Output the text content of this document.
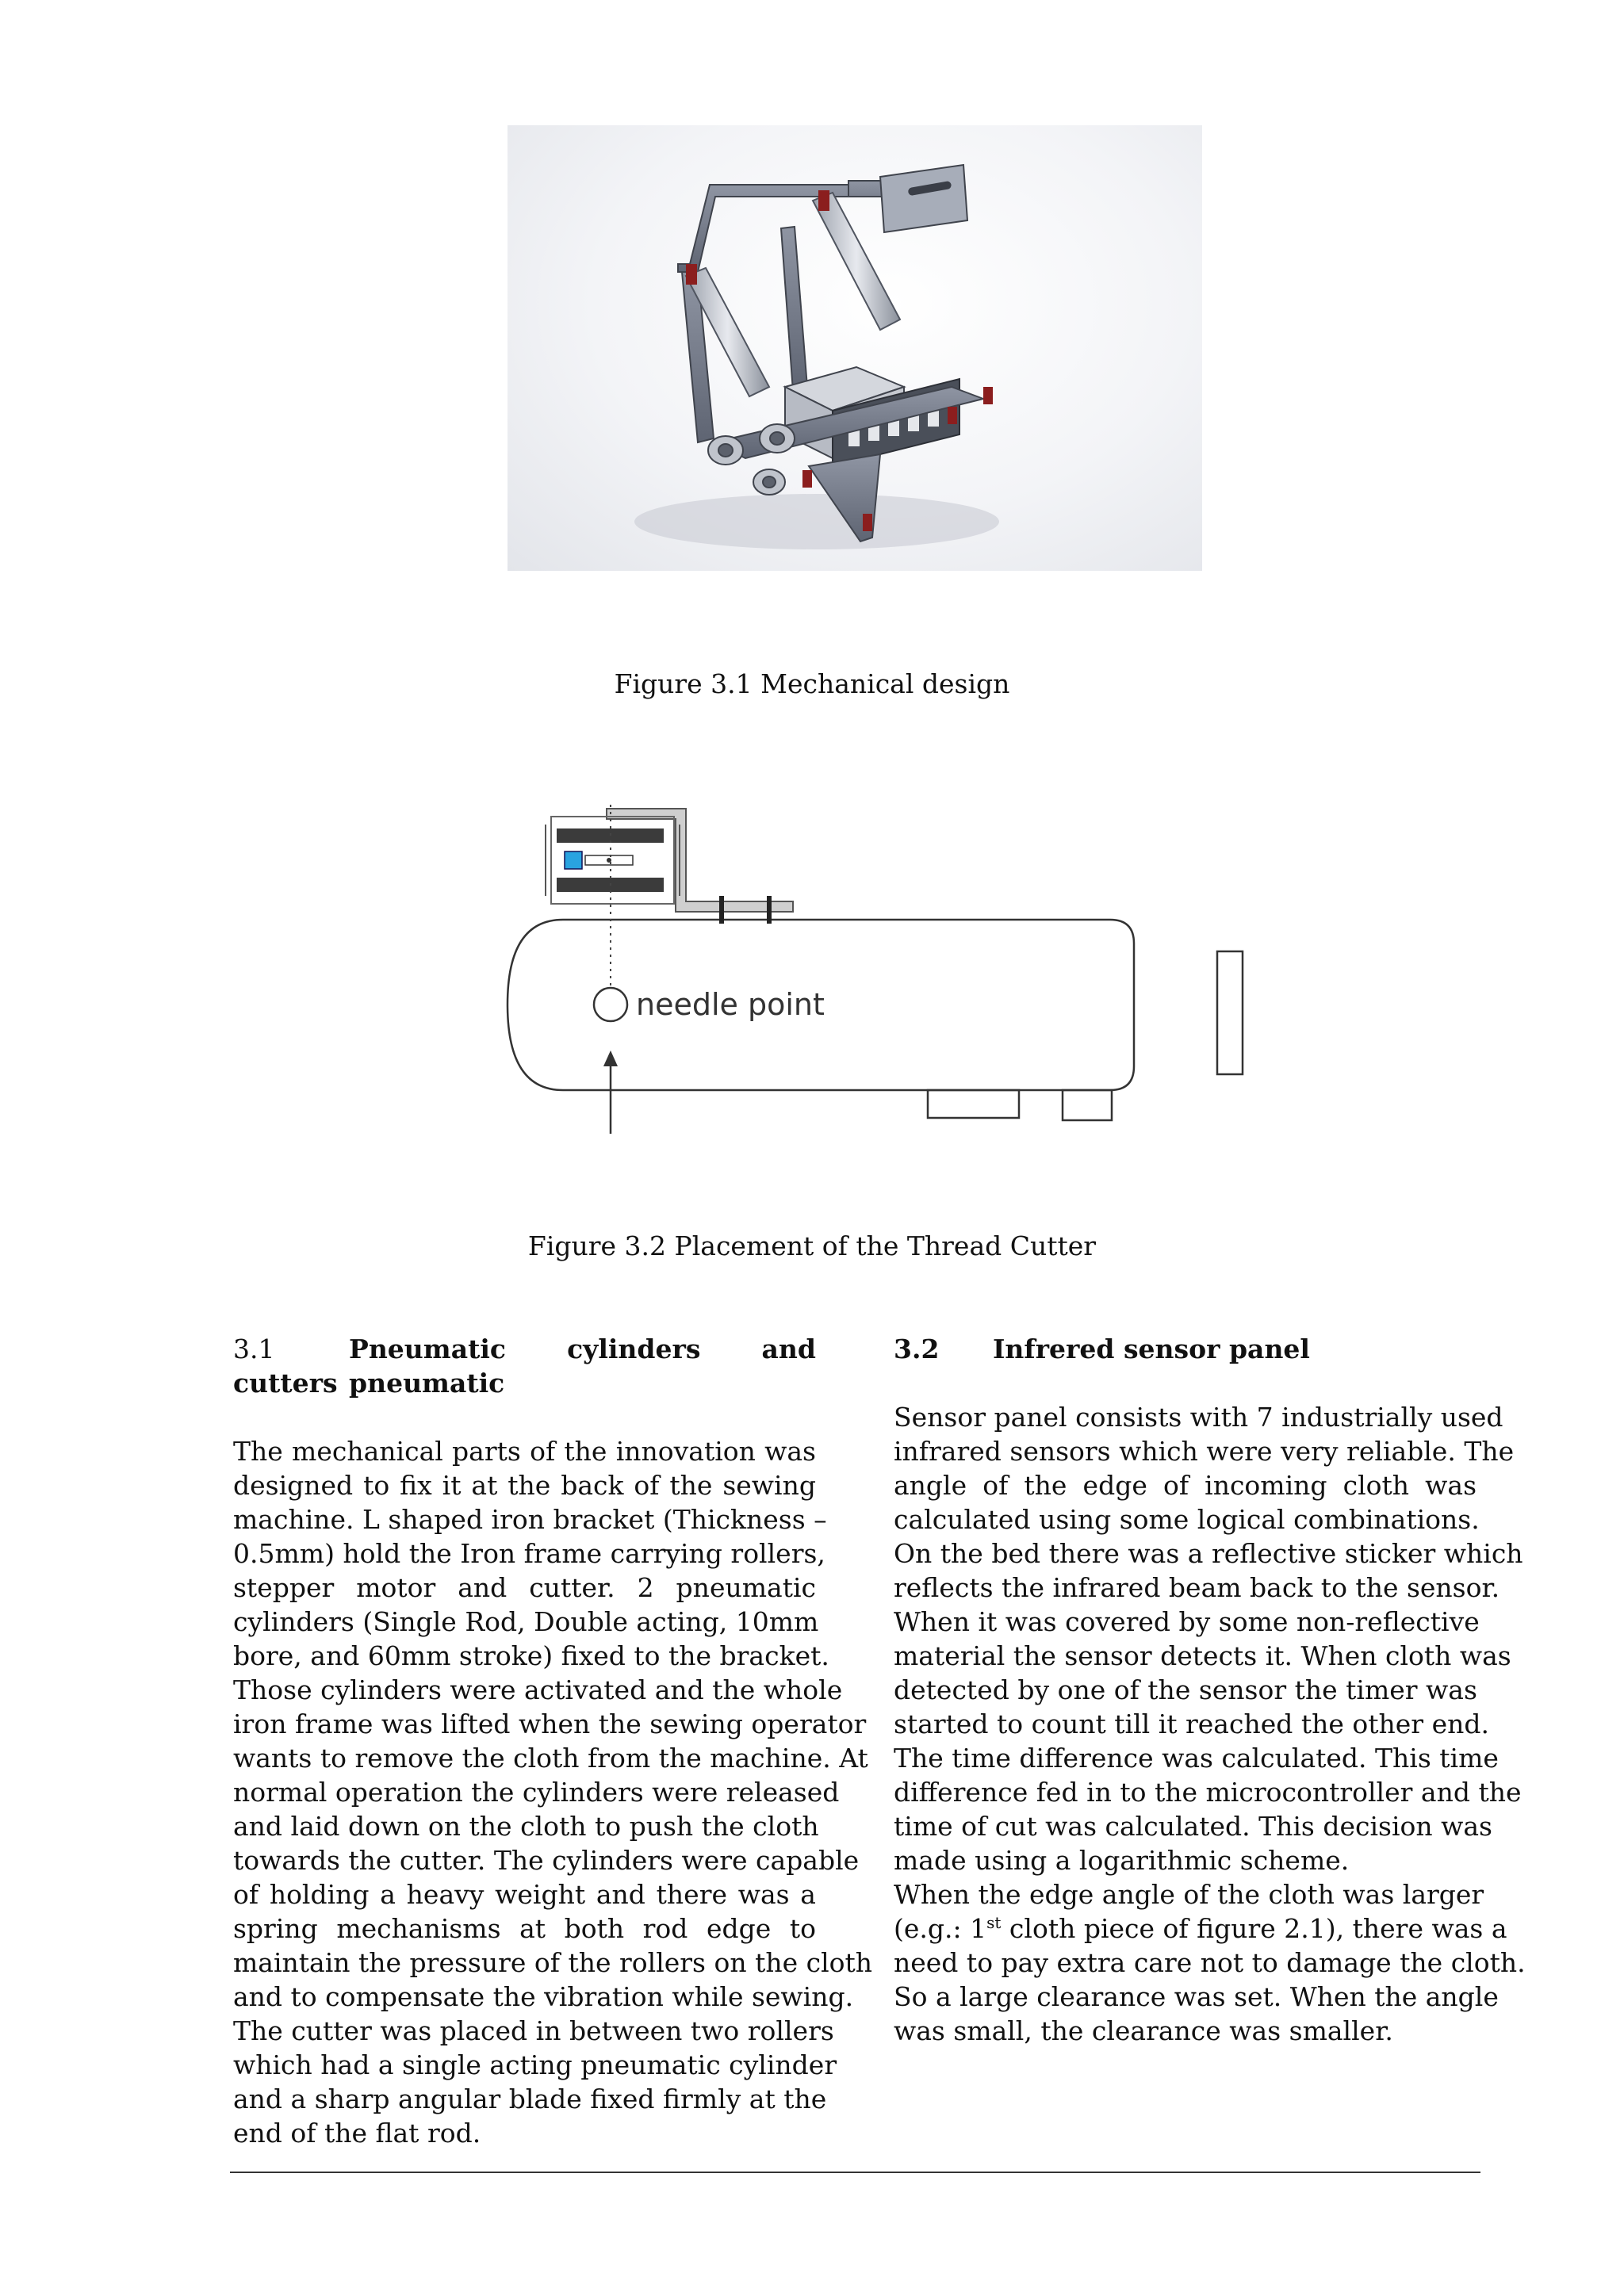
Figure 3.1 Mechanical design
needle point
Figure 3.2 Placement of the Thread Cutter
3.1	Pneumatic cylinders and pneumatic
cutters
The mechanical parts of the innovation was
designed to fix it at the back of the sewing
machine. L shaped iron bracket (Thickness –
0.5mm) hold the Iron frame carrying rollers,
stepper motor and cutter. 2 pneumatic
cylinders (Single Rod, Double acting, 10mm
bore, and 60mm stroke) fixed to the bracket.
Those cylinders were activated and the whole
iron frame was lifted when the sewing operator
wants to remove the cloth from the machine. At
normal operation the cylinders were released
and laid down on the cloth to push the cloth
towards the cutter. The cylinders were capable
of holding a heavy weight and there was a
spring mechanisms at both rod edge to
maintain the pressure of the rollers on the cloth
and to compensate the vibration while sewing.
The cutter was placed in between two rollers
which had a single acting pneumatic cylinder
and a sharp angular blade fixed firmly at the
end of the flat rod.
3.2 Infrered sensor panel
Sensor panel consists with 7 industrially used
infrared sensors which were very reliable. The
angle of the edge of incoming cloth was
calculated using some logical combinations.
On the bed there was a reflective sticker which
reflects the infrared beam back to the sensor.
When it was covered by some non-reflective
material the sensor detects it. When cloth was
detected by one of the sensor the timer was
started to count till it reached the other end.
The time difference was calculated. This time
difference fed in to the microcontroller and the
time of cut was calculated. This decision was
made using a logarithmic scheme.
When the edge angle of the cloth was larger
(e.g.: 1st cloth piece of figure 2.1), there was a
need to pay extra care not to damage the cloth.
So a large clearance was set. When the angle
was small, the clearance was smaller.
